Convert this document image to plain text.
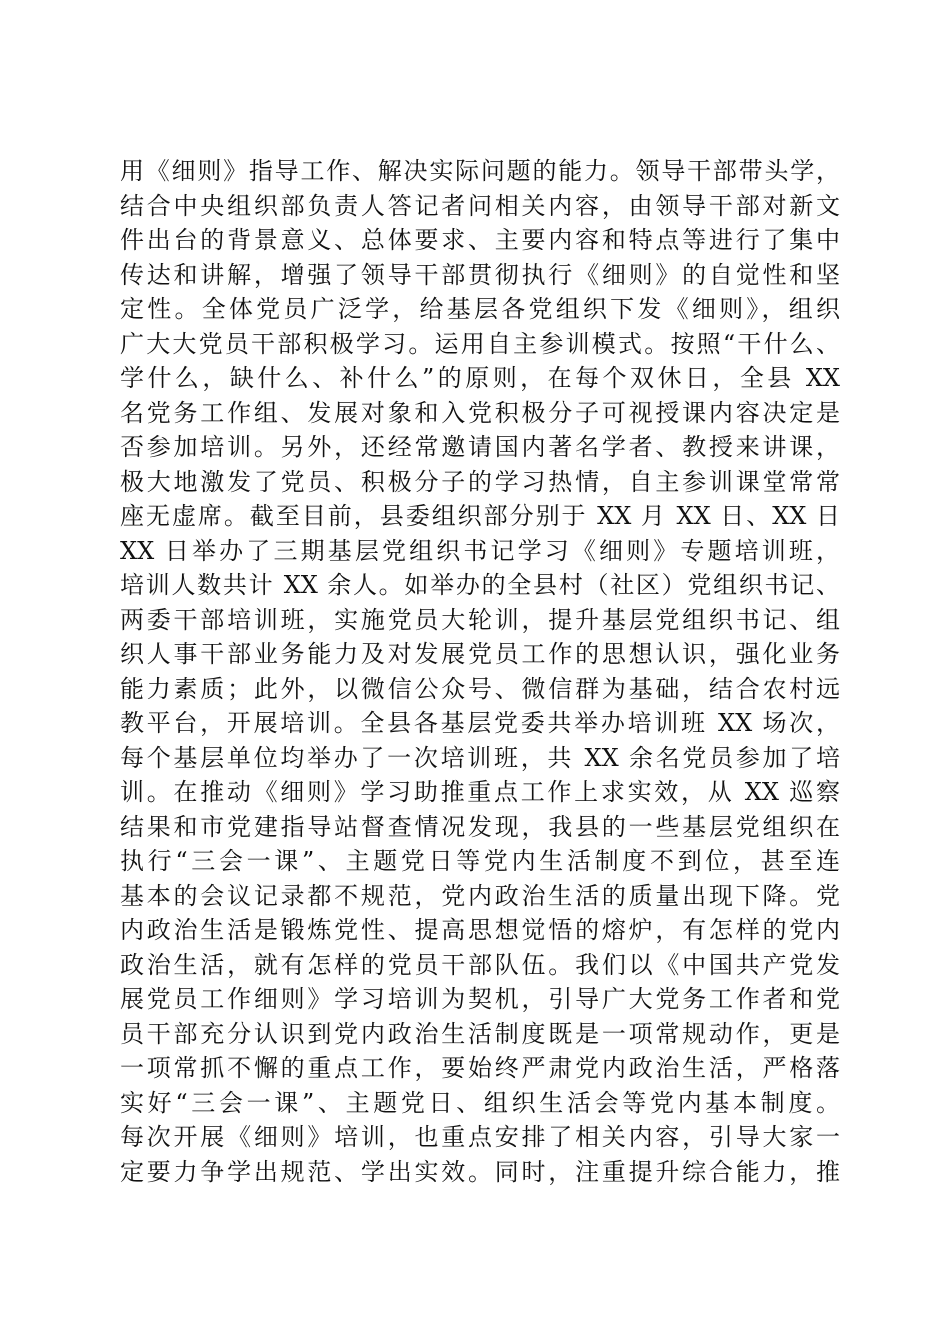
用《细则》指导工作、解决实际问题的能力。领导干部带头学，
结合中央组织部负责人答记者问相关内容，由领导干部对新文
件出台的背景意义、总体要求、主要内容和特点等进行了集中
传达和讲解，增强了领导干部贯彻执行《细则》的自觉性和坚
定性。全体党员广泛学，给基层各党组织下发《细则》，组织
广大大党员干部积极学习。运用自主参训模式。按照“干什么、
学什么，缺什么、补什么”的原则，在每个双休日，全县 XX
名党务工作组、发展对象和入党积极分子可视授课内容决定是
否参加培训。另外，还经常邀请国内著名学者、教授来讲课，
极大地激发了党员、积极分子的学习热情，自主参训课堂常常
座无虚席。截至目前，县委组织部分别于 XX 月 XX 日、XX 日
XX 日举办了三期基层党组织书记学习《细则》专题培训班，
培训人数共计 XX 余人。如举办的全县村（社区）党组织书记、
两委干部培训班，实施党员大轮训，提升基层党组织书记、组
织人事干部业务能力及对发展党员工作的思想认识，强化业务
能力素质；此外，以微信公众号、微信群为基础，结合农村远
教平台，开展培训。全县各基层党委共举办培训班 XX 场次，
每个基层单位均举办了一次培训班，共 XX 余名党员参加了培
训。在推动《细则》学习助推重点工作上求实效，从 XX 巡察
结果和市党建指导站督查情况发现，我县的一些基层党组织在
执行“三会一课”、主题党日等党内生活制度不到位，甚至连
基本的会议记录都不规范，党内政治生活的质量出现下降。党
内政治生活是锻炼党性、提高思想觉悟的熔炉，有怎样的党内
政治生活，就有怎样的党员干部队伍。我们以《中国共产党发
展党员工作细则》学习培训为契机，引导广大党务工作者和党
员干部充分认识到党内政治生活制度既是一项常规动作，更是
一项常抓不懈的重点工作，要始终严肃党内政治生活，严格落
实好“三会一课”、主题党日、组织生活会等党内基本制度。
每次开展《细则》培训，也重点安排了相关内容，引导大家一
定要力争学出规范、学出实效。同时，注重提升综合能力，推
